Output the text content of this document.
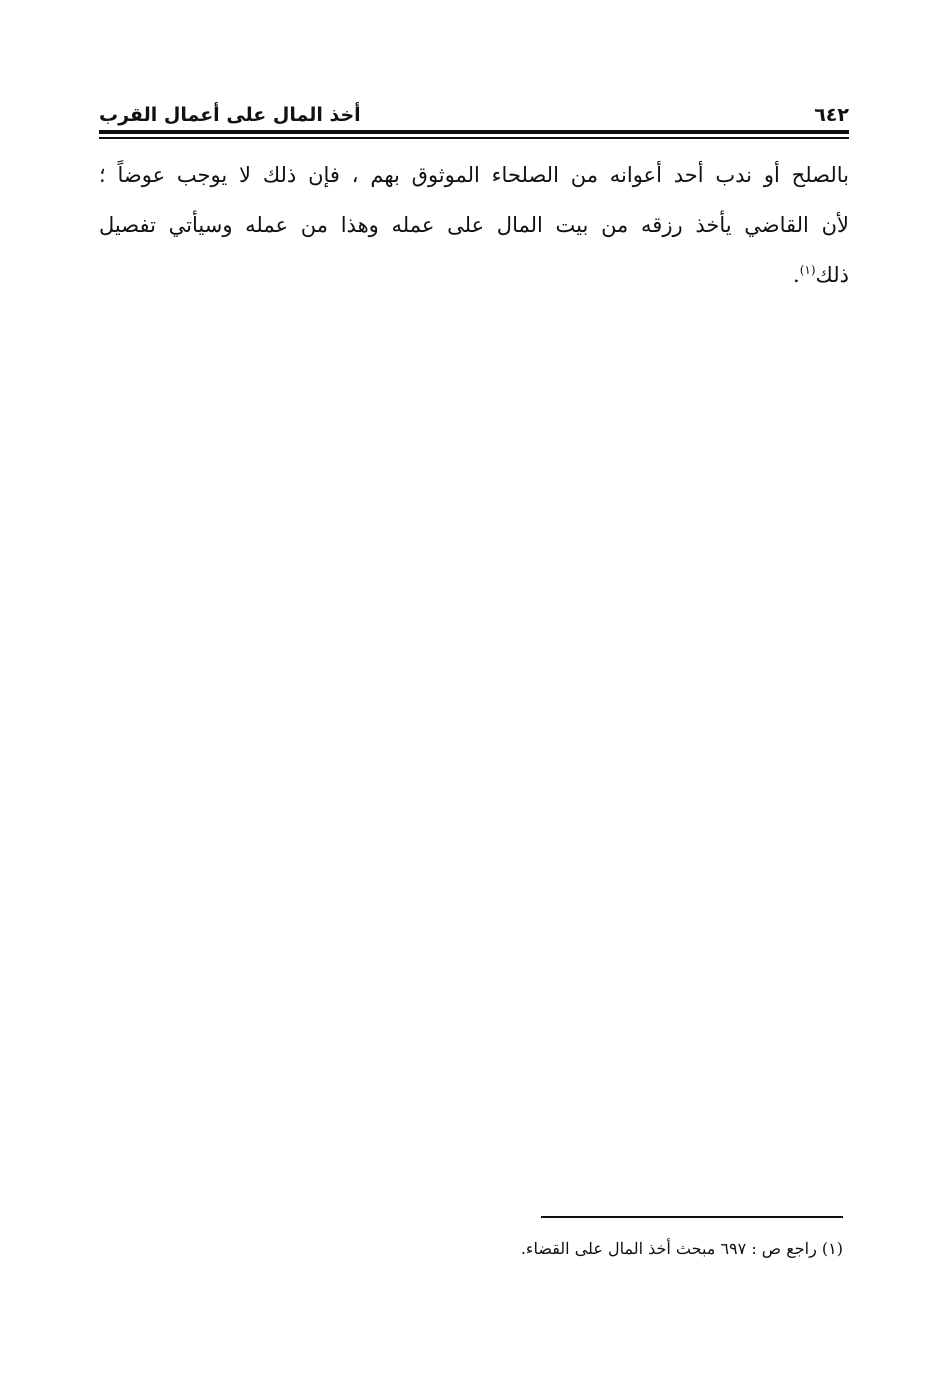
أخذ المال على أعمال القرب	٦٤٢
بالصلح أو ندب أحد أعوانه من الصلحاء الموثوق بهم ، فإن ذلك لا يوجب عوضاً ؛
لأن القاضي يأخذ رزقه من بيت المال على عمله وهذا من عمله وسيأتي تفصيل
ذلك$^{(١)}$.
(١) راجع ص : ٦٩٧ مبحث أخذ المال على القضاء.
